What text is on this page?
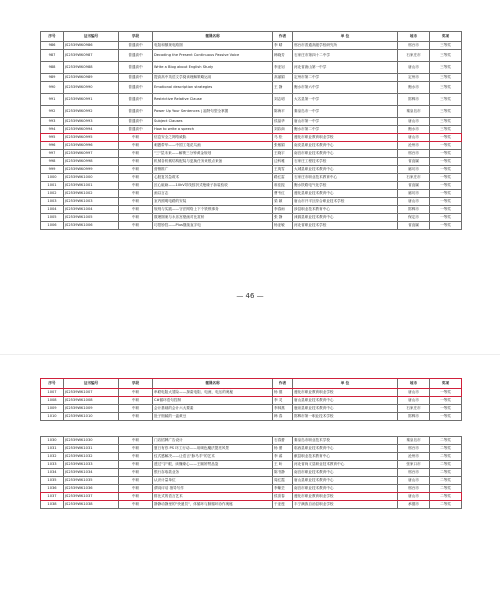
序号	证书编号	学段	微课名称	作者	单 位	地市	奖项
986	JS2539WK0986	普通高中	电阻和额规电路图	李 晴	邢台市普通高级学校研究所	邢台市	三等奖
987	JS2539WK0987	普通高中	Decoding the Present Continuous Passive Voice	韩晓芳	石家庄市第四十二中学	石家庄市	三等奖
988	JS2539WK0988	普通高中	Write a Blog about English Study	李亚钊	河北省唐山第一中学	唐山市	三等奖
989	JS2539WK0989	普通高中	提高高中英语文学阅读理解策略运用	高丽娟	定州市第二中学	定州市	三等奖
990	JS2539WK0990	普通高中	Emotional description strategies	王 静	衡水市第六中学	衡水市	三等奖
991	JS2539WK0991	普通高中	Restrictive Relative Clause	刘志明	大名县第一中学	邯郸市	三等奖
992	JS2539WK0992	普通高中	Power Up Your Sentences | 福特句型全掌握	陈海平	秦皇岛市一中学	秦皇岛市	三等奖
993	JS2539WK0993	普通高中	Subject Clauses	侯晶华	唐山市第一中学	唐山市	三等奖
994	JS2539WK0994	普通高中	How to write a speech	刘彩商	衡水市第二中学	衡水市	三等奖
995	JS2539WK0995	中职	信息安全之网络威胁	马 松	遵化市职业教育职业学校	唐山市	一等奖
996	JS2539WK0996	中职	刺愚带华——中国工笔花鸟画	张敏娟	南皮县职业技术教育中心	沧州市	一等奖
997	JS2539WK0997	中职	"三"层未来——解锁三分钟黄金规划	王晓宇	南宫市职业技术教育中心	邢台市	一等奖
998	JS2539WK0998	中职	机械各机械结构配装与更换任务来根点来备	边科雅	石家庄工程技术学校	省直属	一等奖
999	JS2539WK0999	中职	营销推广	王爽雪	大城县职业技术教育中心	廊坊市	一等奖
1000	JS2539WK1000	中职	心脏复苏急救术	路红雷	石家庄市职业技术教育中心	石家庄市	一等奖
1001	JS2539WK1001	中职	匠心砥砺——10kV导线按折式绝缘子拆装验收	谁佳振	衡水铁路电气化学校	省直属	一等奖
1002	JS2539WK1002	中职	画以言志	曹韦红	遵化县职业技术教育中心	廊坊市	一等奖
1003	JS2539WK1003	中职	室内照明电路的安装	梁 颖	唐山市开平区综合职业技术学校	唐山市	一等奖
1004	JS2539WK1004	中职	规则与实践——守法网络上下个铁锁事务	李春雨	涉县职业技术教育中心	邯郸市	一等奖
1005	JS2539WK1005	中职	数理图案与永乐宫壁画对比赏析	张 静	涞源县职业技术教育中心	保定市	一等奖
1006	JS2539WK1006	中职	巧搭妙控——Plus继续直字电	杨亚敏	河北省职业技术学校	省直属	一等奖
— 46 —
序号	证书编号	学段	微课名称	作者	单 位	地市	奖项
1007	JS2539WK1007	中职	串联电阻大冒险——探索电阻、电流、电压的奥秘	杨 德	遵化市职业教育职业学校	唐山市	一等奖
1008	JS2539WK1008	中职	C#循环语句控制	李 灵	唐山县职业技术教育中心	唐山市	一等奖
1009	JS2539WK1009	中职	会计基础的会计六大要素	李林燕	鹿泉县职业技术教育中心	石家庄市	一等奖
1010	JS2539WK1010	中职	肚子细腻的一盅黄豆	韩 春	邯郸市第一职业技术学校	邯郸市	一等奖
1030	JS2539WK1030	中职	门店招牌广告设计	石春蕾	秦皇岛市职业技术学校	秦皇岛市	二等奖
1031	JS2539WK1031	中职	夏日有你 PS 环工行动——用调色魔法提亮风景	杨 蕾	临西县职业技术教育中心	邢台市	二等奖
1032	JS2539WK1032	中职	仪式感解决——让语言"脉马手"的艺术	李 睿	献县职业技术教育中心	沧州市	二等奖
1033	JS2539WK1033	中职	透过"字"眼，读懂缘心——王顺婷赞品鉴	王 昕	河北省尚义县职业技术教育中心	张家口市	二等奖
1034	JS2539WK1034	中职	银行存取款业务	陈书静	南宫市职业技术教育中心	邢台市	二等奖
1035	JS2539WK1035	中职	认识计量单位	周红霞	唐山县职业技术教育中心	唐山市	二等奖
1036	JS2539WK1036	中职	谓词评话 指导写作	李紫芸	南宫市职业技术教育中心	邢台市	二等奖
1037	JS2539WK1037	中职	排比式的语言艺术	侯喜春	遵化市职业教育职业学校	唐山市	二等奖
1038	JS2539WK1038	中职	静静动静里的"快递员"，体循环与肺循环协作奥秘	于亚莲	丰宁满族自治县职业学校	承德市	二等奖
